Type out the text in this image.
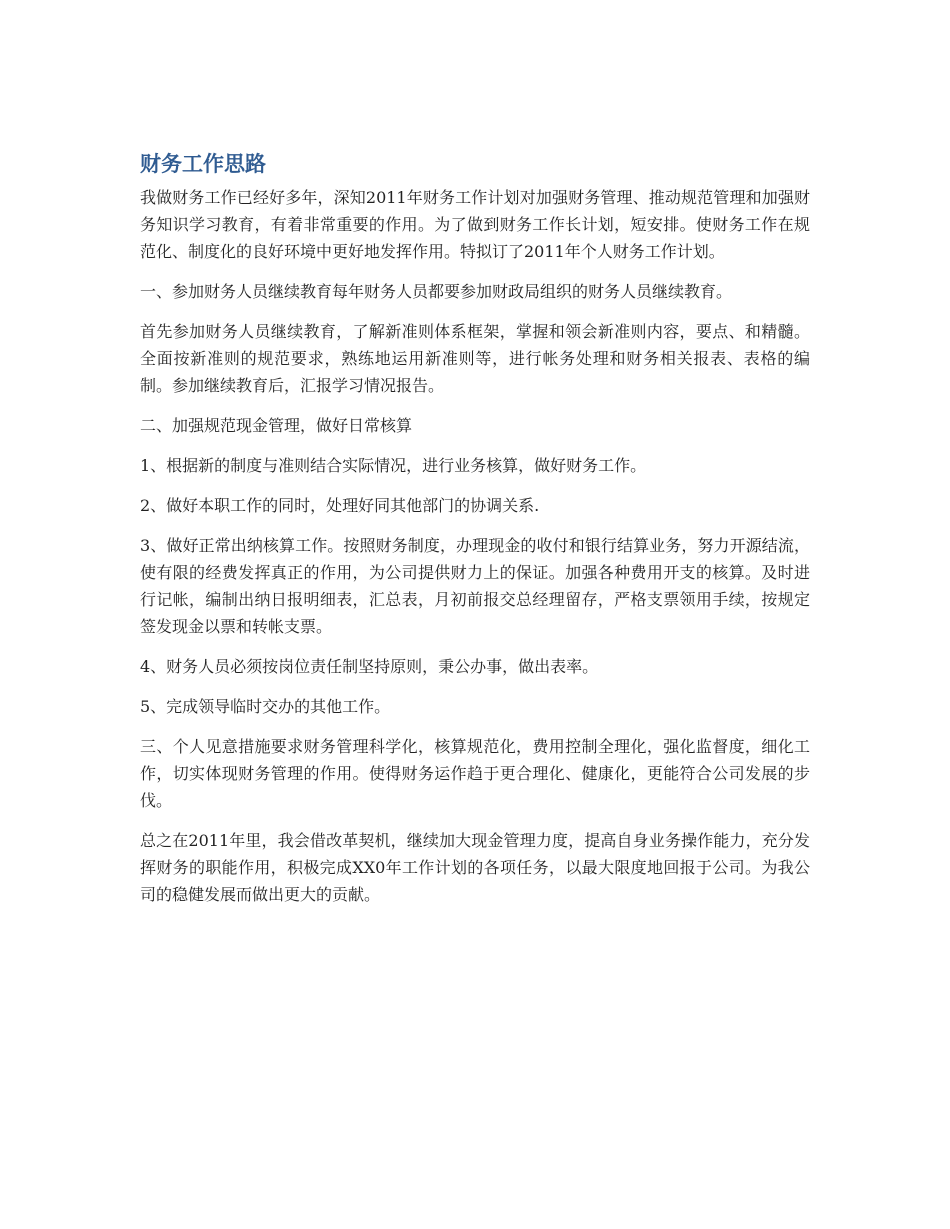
财务工作思路

我做财务工作已经好多年，深知2011年财务工作计划对加强财务管理、推动规范管理和加强财务知识学习教育，有着非常重要的作用。为了做到财务工作长计划，短安排。使财务工作在规范化、制度化的良好环境中更好地发挥作用。特拟订了2011年个人财务工作计划。

一、参加财务人员继续教育每年财务人员都要参加财政局组织的财务人员继续教育。

首先参加财务人员继续教育，了解新准则体系框架，掌握和领会新准则内容，要点、和精髓。全面按新准则的规范要求，熟练地运用新准则等，进行帐务处理和财务相关报表、表格的编制。参加继续教育后，汇报学习情况报告。

二、加强规范现金管理，做好日常核算

1、根据新的制度与准则结合实际情况，进行业务核算，做好财务工作。

2、做好本职工作的同时，处理好同其他部门的协调关系.

3、做好正常出纳核算工作。按照财务制度，办理现金的收付和银行结算业务，努力开源结流，使有限的经费发挥真正的作用，为公司提供财力上的保证。加强各种费用开支的核算。及时进行记帐，编制出纳日报明细表，汇总表，月初前报交总经理留存，严格支票领用手续，按规定签发现金以票和转帐支票。

4、财务人员必须按岗位责任制坚持原则，秉公办事，做出表率。

5、完成领导临时交办的其他工作。

三、个人见意措施要求财务管理科学化，核算规范化，费用控制全理化，强化监督度，细化工作，切实体现财务管理的作用。使得财务运作趋于更合理化、健康化，更能符合公司发展的步伐。

总之在2011年里，我会借改革契机，继续加大现金管理力度，提高自身业务操作能力，充分发挥财务的职能作用，积极完成XX0年工作计划的各项任务，以最大限度地回报于公司。为我公司的稳健发展而做出更大的贡献。
